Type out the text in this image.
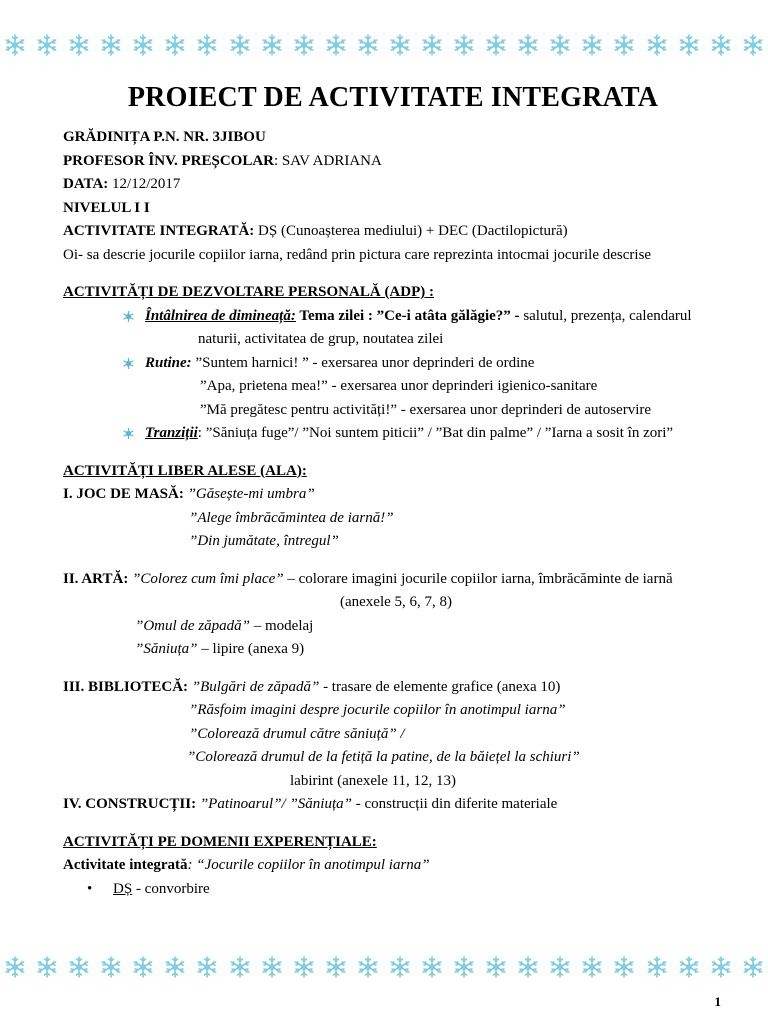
PROIECT DE ACTIVITATE INTEGRATA
GRĂDINIȚA P.N. NR. 3JIBOU
PROFESOR ÎNV. PREȘCOLAR: SAV ADRIANA
DATA: 12/12/2017
NIVELUL I I
ACTIVITATE INTEGRATĂ: DȘ (Cunoașterea mediului) + DEC (Dactilopictură)
Oi- sa descrie jocurile copiilor iarna, redând prin pictura care reprezinta intocmai jocurile descrise
ACTIVITĂȚI DE DEZVOLTARE PERSONALĂ (ADP) :
Întâlnirea de dimineață: Tema zilei : ”Ce-i atâta gălăgie?” - salutul, prezența, calendarul
naturii, activitatea de grup, noutatea zilei
Rutine: ”Suntem harnici! ” - exersarea unor deprinderi de ordine
”Apa, prietena mea!” - exersarea unor deprinderi igienico-sanitare
”Mă pregătesc pentru activități!” - exersarea unor deprinderi de autoservire
Tranziții: ”Săniuța fuge”/ ”Noi suntem piticii” / ”Bat din palme” / ”Iarna a sosit în zori”
ACTIVITĂȚI LIBER ALESE (ALA):
I. JOC DE MASĂ: ”Găsește-mi umbra”
”Alege îmbrăcămintea de iarnă!”
”Din jumătate, întregul”
II. ARTĂ: ”Colorez cum îmi place” – colorare imagini jocurile copiilor iarna, îmbrăcăminte de iarnă
(anexele 5, 6, 7, 8)
”Omul de zăpadă” – modelaj
”Săniuța” – lipire (anexa 9)
III. BIBLIOTECĂ: ”Bulgări de zăpadă” - trasare de elemente grafice (anexa 10)
”Răsfoim imagini despre jocurile copiilor în anotimpul iarna”
”Colorează drumul către săniuță” /
”Colorează drumul de la fetiță la patine, de la băiețel la schiuri”
labirint (anexele 11, 12, 13)
IV. CONSTRUCȚII: ”Patinoarul”/ ”Săniuța” - construcții din diferite materiale
ACTIVITĂȚI PE DOMENII EXPERENȚIALE:
Activitate integrată: “Jocurile copiilor în anotimpul iarna”
• DȘ - convorbire
1
